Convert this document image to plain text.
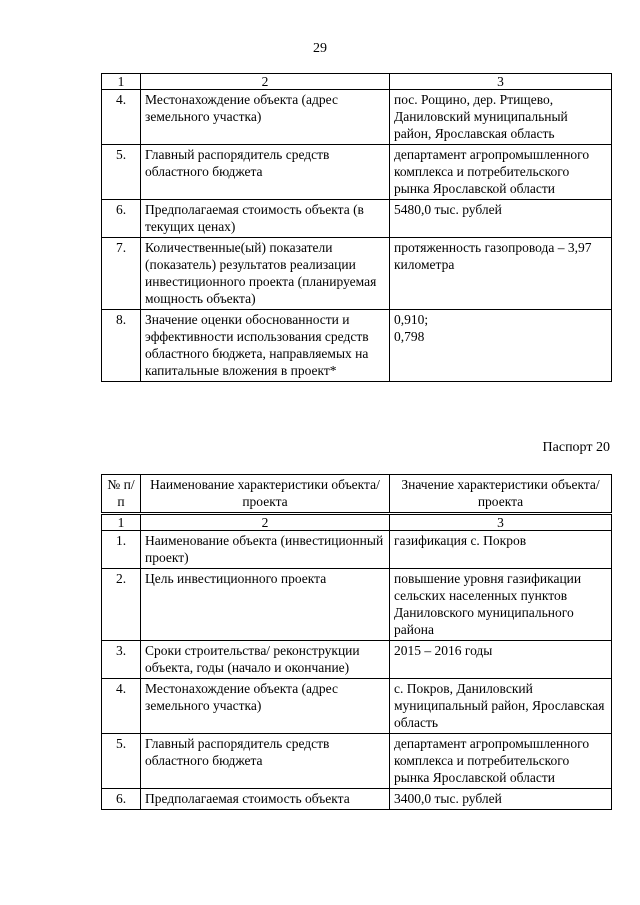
29
1	2	3
4.	Местонахождение объекта (адрес земельного участка)	пос. Рощино, дер. Ртищево, Даниловский муниципальный район, Ярославская область
5.	Главный распорядитель средств областного бюджета	департамент агропромышленного комплекса и потребительского рынка Ярославской области
6.	Предполагаемая стоимость объекта (в текущих ценах)	5480,0 тыс. рублей
7.	Количественные(ый) показатели (показатель) результатов реализации инвестиционного проекта (планируемая мощность объекта)	протяженность газопровода – 3,97 километра
8.	Значение оценки обоснованности и эффективности использования средств областного бюджета, направляемых на капитальные вложения в проект*	0,910;
0,798
Паспорт 20
№ п/п	Наименование характеристики объекта/проекта	Значение характеристики объекта/проекта
1	2	3
1.	Наименование объекта (инвестиционный проект)	газификация с. Покров
2.	Цель инвестиционного проекта	повышение уровня газификации сельских населенных пунктов Даниловского муниципального района
3.	Сроки строительства/ реконструкции объекта, годы (начало и окончание)	2015 – 2016 годы
4.	Местонахождение объекта (адрес земельного участка)	с. Покров, Даниловский муниципальный район, Ярославская область
5.	Главный распорядитель средств областного бюджета	департамент агропромышленного комплекса и потребительского рынка Ярославской области
6.	Предполагаемая стоимость объекта	3400,0 тыс. рублей
